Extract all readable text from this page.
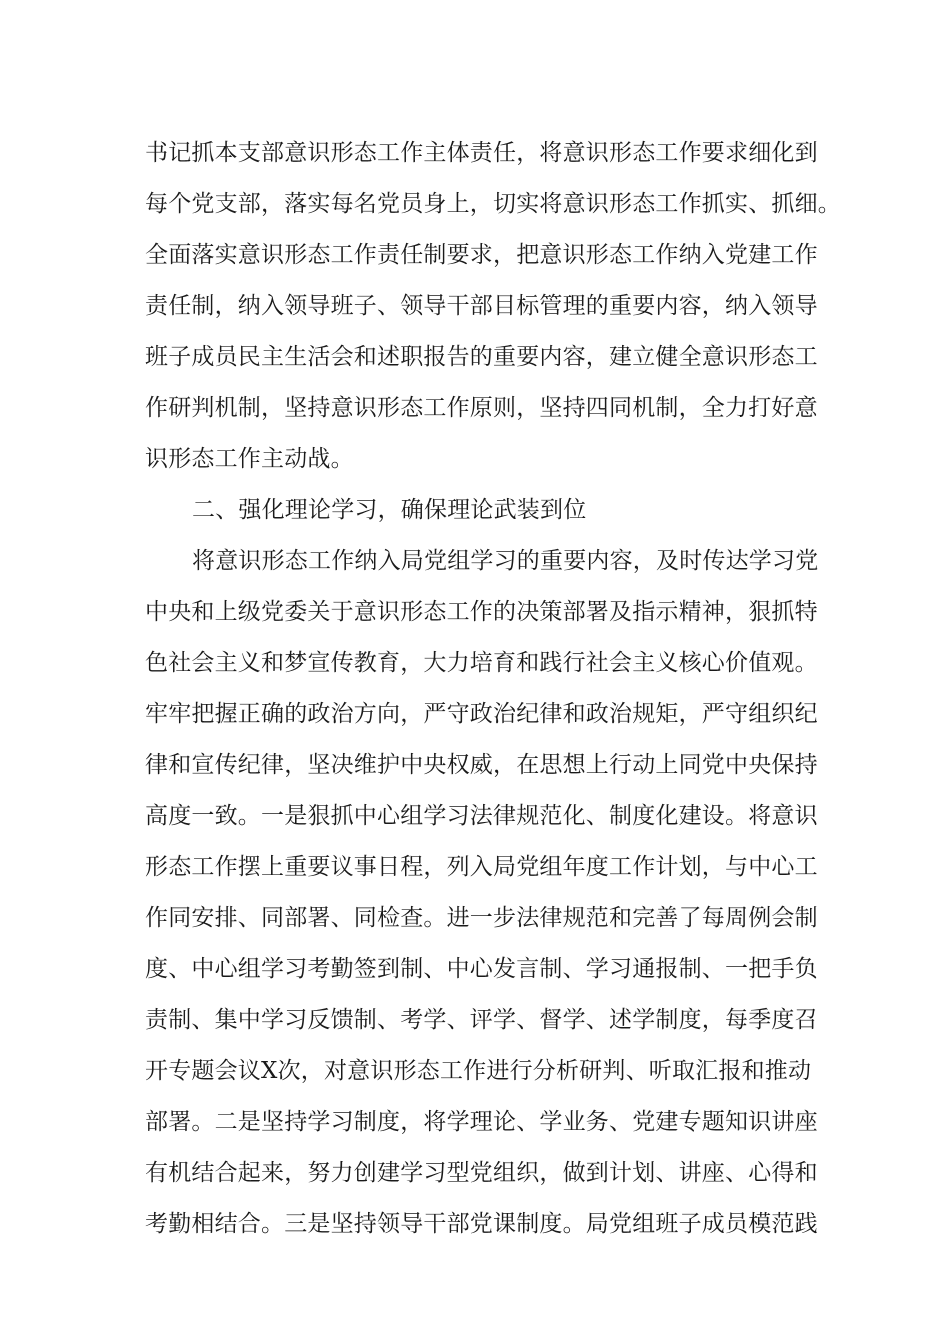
书记抓本支部意识形态工作主体责任，将意识形态工作要求细化到
每个党支部，落实每名党员身上，切实将意识形态工作抓实、抓细。
全面落实意识形态工作责任制要求，把意识形态工作纳入党建工作
责任制，纳入领导班子、领导干部目标管理的重要内容，纳入领导
班子成员民主生活会和述职报告的重要内容，建立健全意识形态工
作研判机制，坚持意识形态工作原则，坚持四同机制，全力打好意
识形态工作主动战。
二、强化理论学习，确保理论武装到位
将意识形态工作纳入局党组学习的重要内容，及时传达学习党
中央和上级党委关于意识形态工作的决策部署及指示精神，狠抓特
色社会主义和梦宣传教育，大力培育和践行社会主义核心价值观。
牢牢把握正确的政治方向，严守政治纪律和政治规矩，严守组织纪
律和宣传纪律，坚决维护中央权威，在思想上行动上同党中央保持
高度一致。一是狠抓中心组学习法律规范化、制度化建设。将意识
形态工作摆上重要议事日程，列入局党组年度工作计划，与中心工
作同安排、同部署、同检查。进一步法律规范和完善了每周例会制
度、中心组学习考勤签到制、中心发言制、学习通报制、一把手负
责制、集中学习反馈制、考学、评学、督学、述学制度，每季度召
开专题会议X次，对意识形态工作进行分析研判、听取汇报和推动
部署。二是坚持学习制度，将学理论、学业务、党建专题知识讲座
有机结合起来，努力创建学习型党组织，做到计划、讲座、心得和
考勤相结合。三是坚持领导干部党课制度。局党组班子成员模范践
